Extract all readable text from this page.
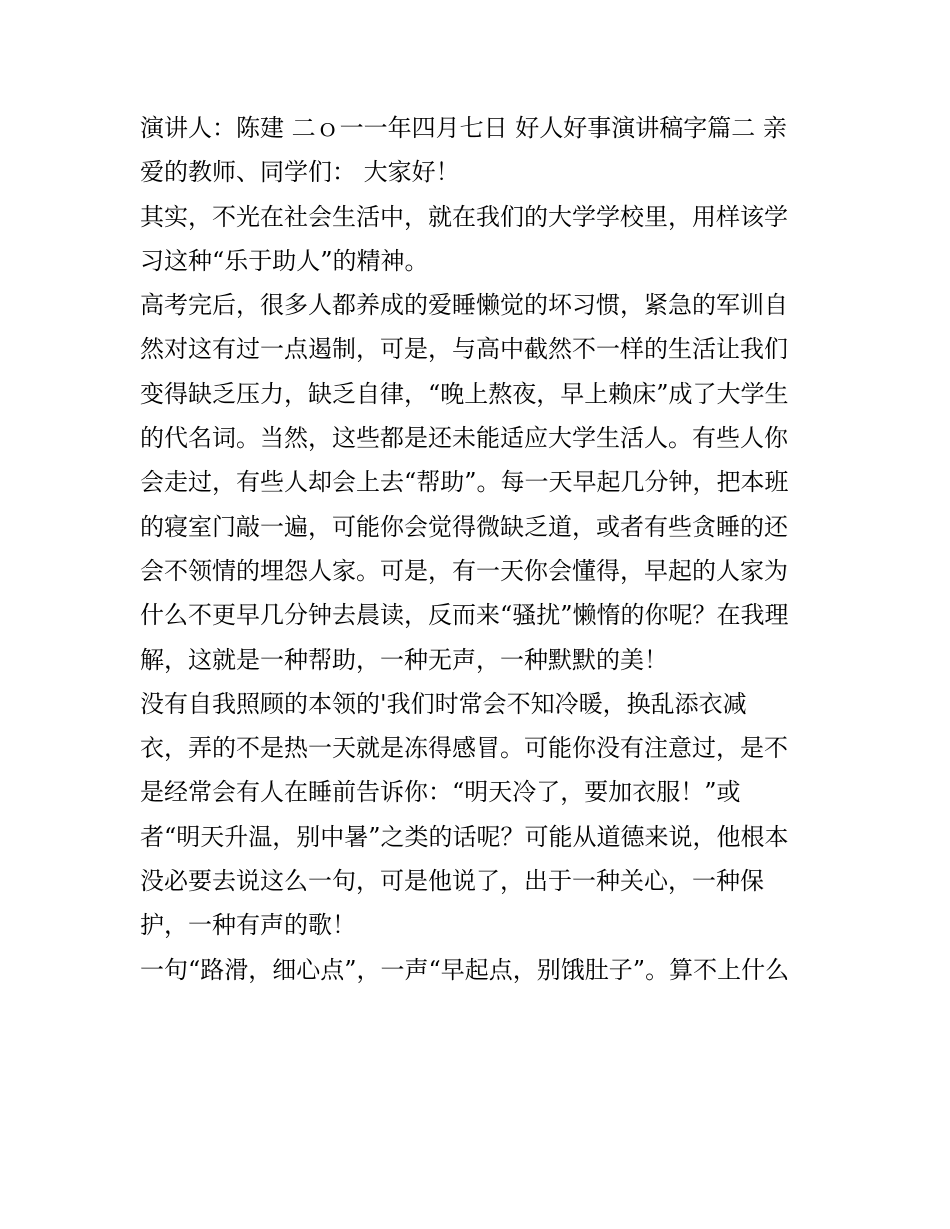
演讲人：陈建 二ｏ一一年四月七日 好人好事演讲稿字篇二 亲
爱的教师、同学们： 大家好！
其实，不光在社会生活中，就在我们的大学学校里，用样该学
习这种“乐于助人”的精神。
高考完后，很多人都养成的爱睡懒觉的坏习惯，紧急的军训自
然对这有过一点遏制，可是，与高中截然不一样的生活让我们
变得缺乏压力，缺乏自律，“晚上熬夜，早上赖床”成了大学生
的代名词。当然，这些都是还未能适应大学生活人。有些人你
会走过，有些人却会上去“帮助”。每一天早起几分钟，把本班
的寝室门敲一遍，可能你会觉得微缺乏道，或者有些贪睡的还
会不领情的埋怨人家。可是，有一天你会懂得，早起的人家为
什么不更早几分钟去晨读，反而来“骚扰”懒惰的你呢？在我理
解，这就是一种帮助，一种无声，一种默默的美！
没有自我照顾的本领的'我们时常会不知冷暖，换乱添衣减
衣，弄的不是热一天就是冻得感冒。可能你没有注意过，是不
是经常会有人在睡前告诉你：“明天冷了，要加衣服！”或
者“明天升温，别中暑”之类的话呢？可能从道德来说，他根本
没必要去说这么一句，可是他说了，出于一种关心，一种保
护，一种有声的歌！
一句“路滑，细心点”，一声“早起点，别饿肚子”。算不上什么
